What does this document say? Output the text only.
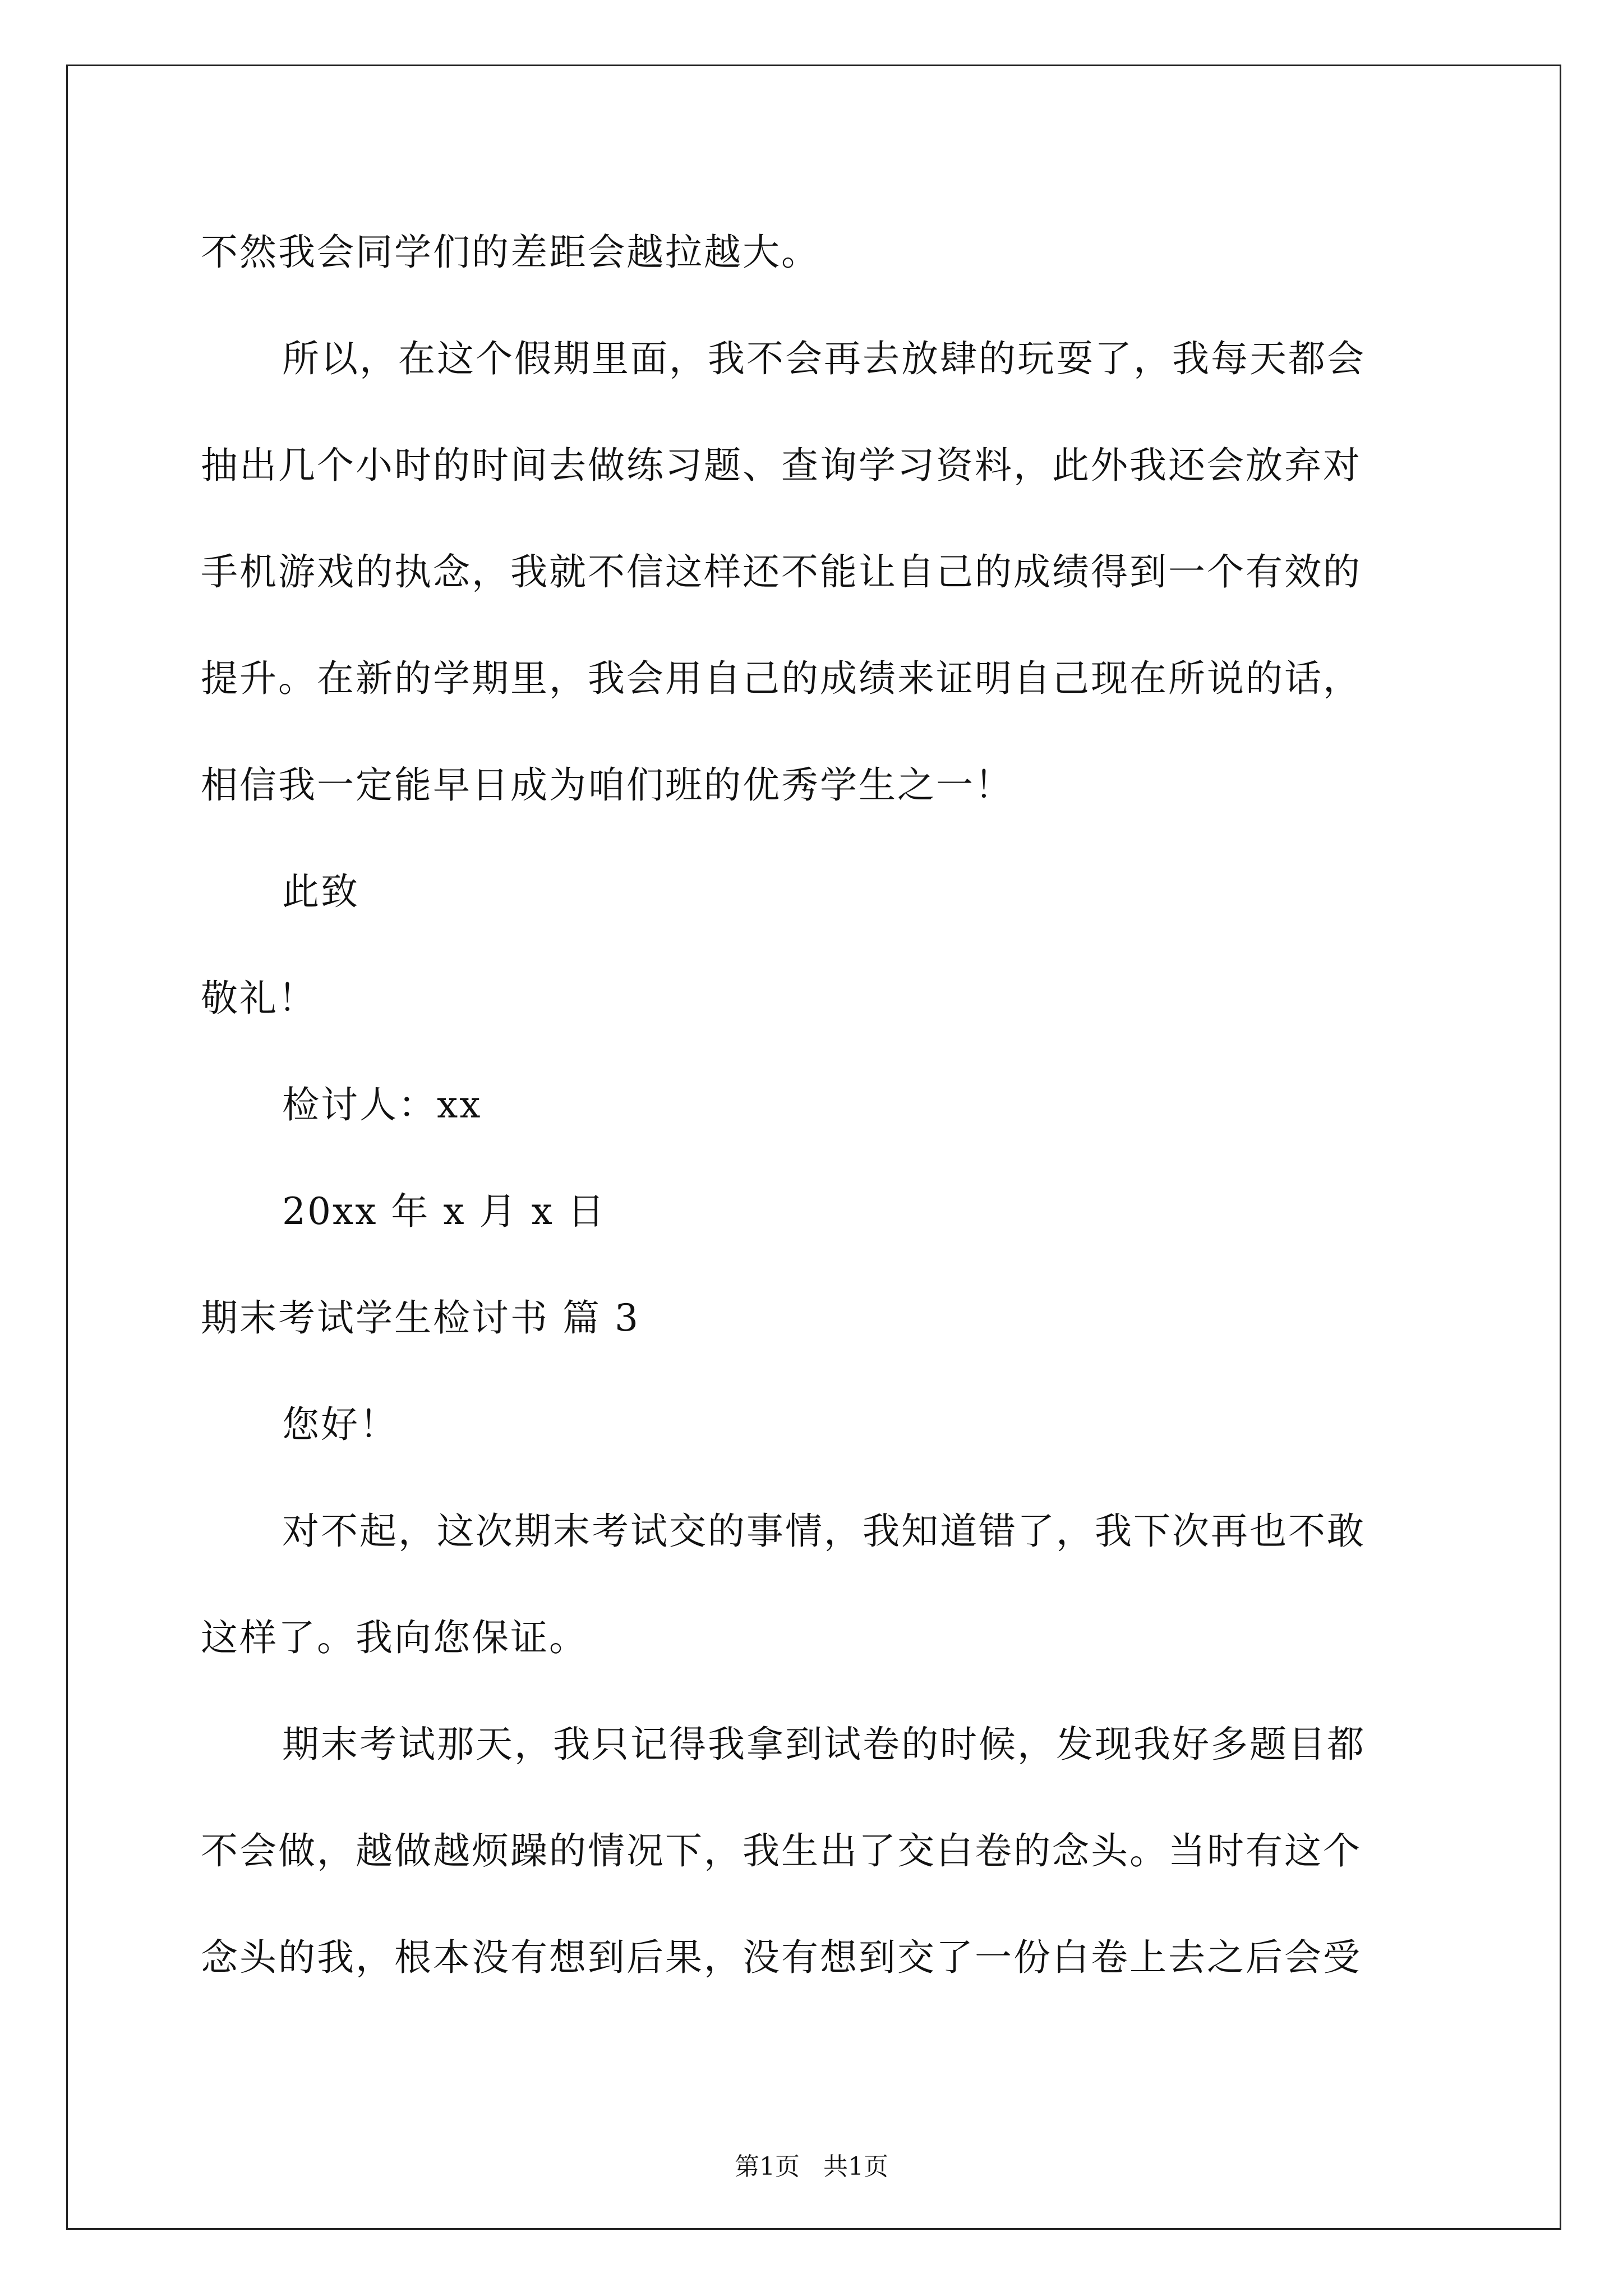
不然我会同学们的差距会越拉越大。
所以，在这个假期里面，我不会再去放肆的玩耍了，我每天都会
抽出几个小时的时间去做练习题、查询学习资料，此外我还会放弃对
手机游戏的执念，我就不信这样还不能让自己的成绩得到一个有效的
提升。在新的学期里，我会用自己的成绩来证明自己现在所说的话，
相信我一定能早日成为咱们班的优秀学生之一！
此致
敬礼！
检讨人：xx
20xx 年 x 月 x 日
期末考试学生检讨书 篇 3
您好！
对不起，这次期末考试交的事情，我知道错了，我下次再也不敢
这样了。我向您保证。
期末考试那天，我只记得我拿到试卷的时候，发现我好多题目都
不会做，越做越烦躁的情况下，我生出了交白卷的念头。当时有这个
念头的我，根本没有想到后果，没有想到交了一份白卷上去之后会受
第1页   共1页
